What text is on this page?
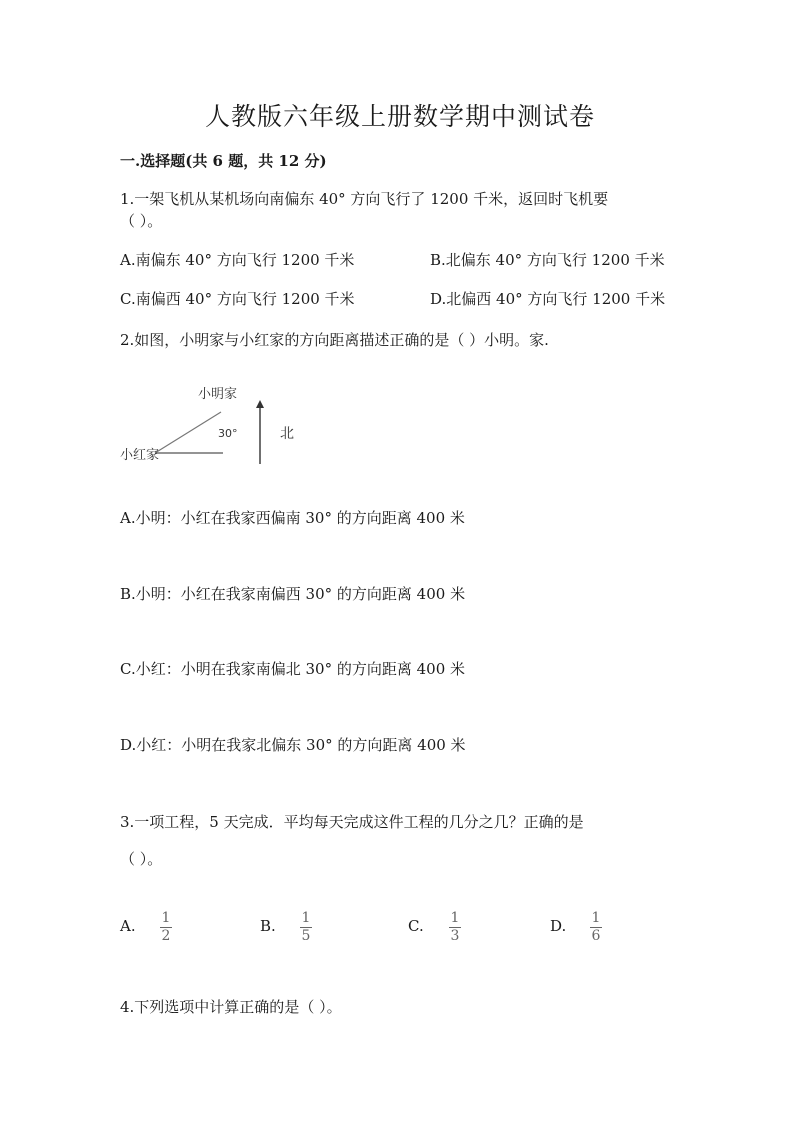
人教版六年级上册数学期中测试卷
一.选择题(共 6 题，共 12 分)
1.一架飞机从某机场向南偏东 40° 方向飞行了 1200 千米，返回时飞机要
（ ）。
A.南偏东 40° 方向飞行 1200 千米	B.北偏东 40° 方向飞行 1200 千米
C.南偏西 40° 方向飞行 1200 千米	D.北偏西 40° 方向飞行 1200 千米
2.如图，小明家与小红家的方向距离描述正确的是（ ）小明。家.
小明家
小红家
30°	北
A.小明：小红在我家西偏南 30° 的方向距离 400 米
B.小明：小红在我家南偏西 30° 的方向距离 400 米
C.小红：小明在我家南偏北 30° 的方向距离 400 米
D.小红：小明在我家北偏东 30° 的方向距离 400 米
3.一项工程，5 天完成．平均每天完成这件工程的几分之几？正确的是
（ ）。
A. 1
2
B. 1
5
C. 1
3
D. 1
6
4.下列选项中计算正确的是（ ）。
